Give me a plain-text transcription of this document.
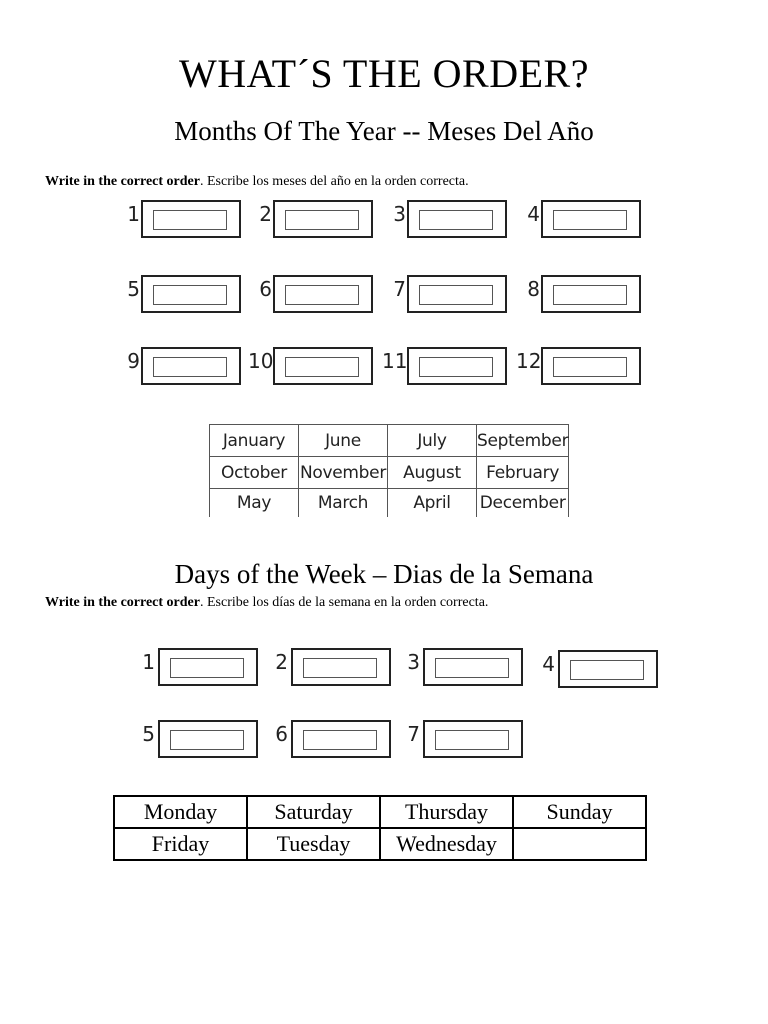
WHAT´S THE ORDER?
Months Of The Year -- Meses Del Año
Write in the correct order. Escribe los meses del año en la orden correcta.
1	2	3	4
5	6	7	8
9	10	11	12
January	June	July	September
October	November	August	February
May	March	April	December
Days of the Week – Dias de la Semana
Write in the correct order. Escribe los días de la semana en la orden correcta.
1	2	3	4
5	6	7
Monday	Saturday	Thursday	Sunday
Friday	Tuesday	Wednesday	
